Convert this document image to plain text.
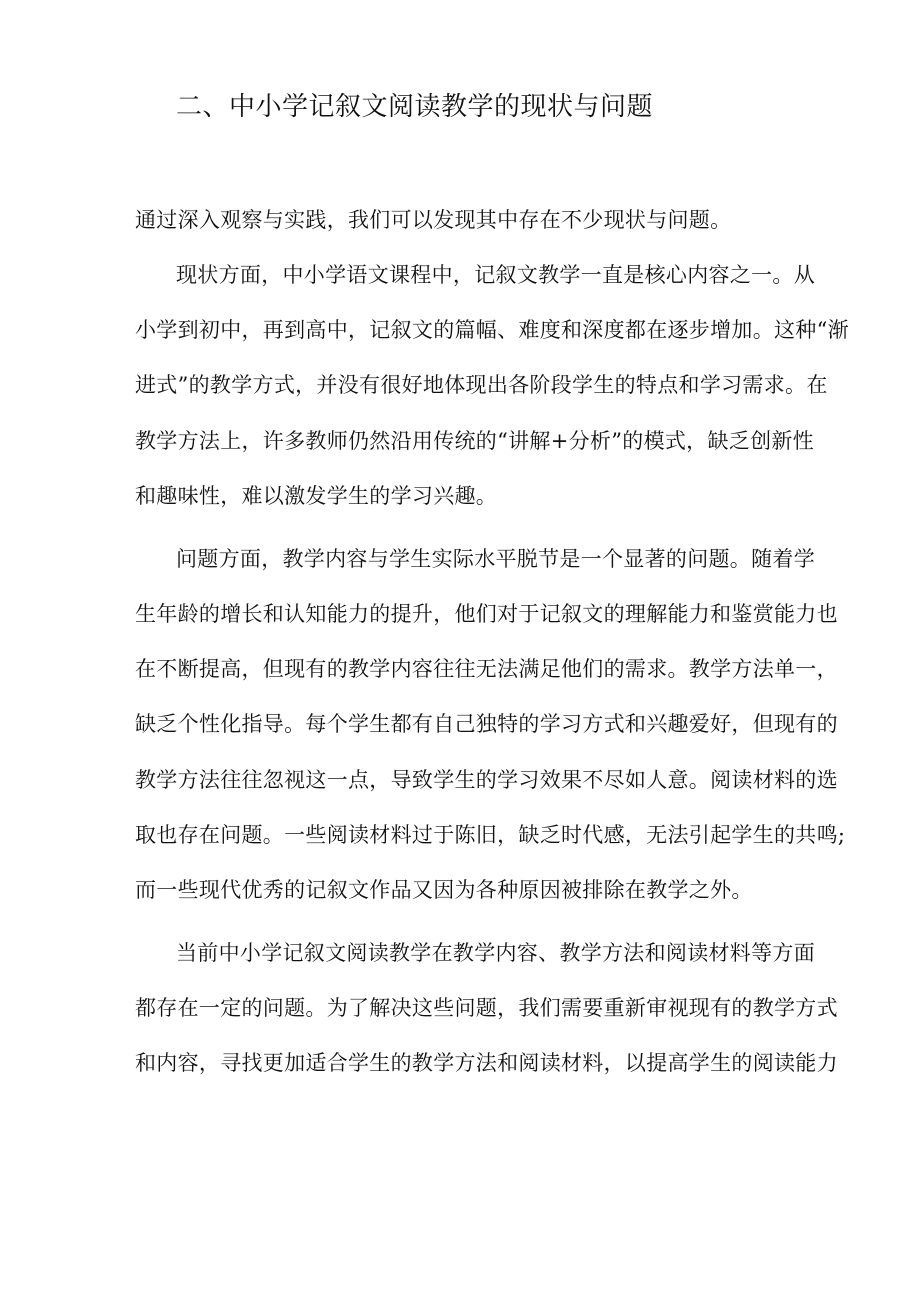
二、中小学记叙文阅读教学的现状与问题

通过深入观察与实践，我们可以发现其中存在不少现状与问题。

现状方面，中小学语文课程中，记叙文教学一直是核心内容之一。从

小学到初中，再到高中，记叙文的篇幅、难度和深度都在逐步增加。这种“渐

进式”的教学方式，并没有很好地体现出各阶段学生的特点和学习需求。在

教学方法上，许多教师仍然沿用传统的“讲解+分析”的模式，缺乏创新性

和趣味性，难以激发学生的学习兴趣。

问题方面，教学内容与学生实际水平脱节是一个显著的问题。随着学

生年龄的增长和认知能力的提升，他们对于记叙文的理解能力和鉴赏能力也

在不断提高，但现有的教学内容往往无法满足他们的需求。教学方法单一，

缺乏个性化指导。每个学生都有自己独特的学习方式和兴趣爱好，但现有的

教学方法往往忽视这一点，导致学生的学习效果不尽如人意。阅读材料的选

取也存在问题。一些阅读材料过于陈旧，缺乏时代感，无法引起学生的共鸣;

而一些现代优秀的记叙文作品又因为各种原因被排除在教学之外。

当前中小学记叙文阅读教学在教学内容、教学方法和阅读材料等方面

都存在一定的问题。为了解决这些问题，我们需要重新审视现有的教学方式

和内容，寻找更加适合学生的教学方法和阅读材料，以提高学生的阅读能力
